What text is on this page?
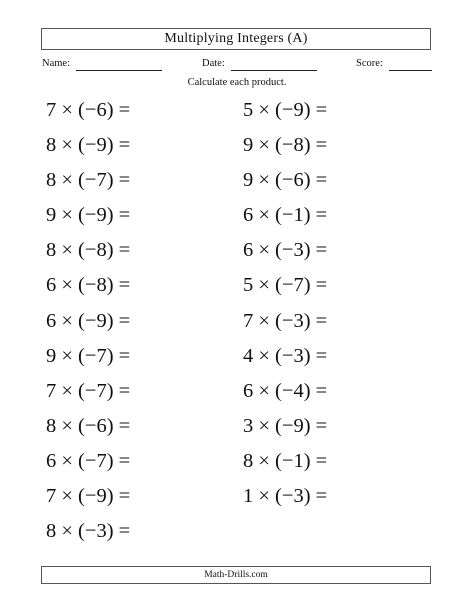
Multiplying Integers (A)
Name:	Date:	Score:
Calculate each product.
7 × (−6) =
8 × (−9) =
8 × (−7) =
9 × (−9) =
8 × (−8) =
6 × (−8) =
6 × (−9) =
9 × (−7) =
7 × (−7) =
8 × (−6) =
6 × (−7) =
7 × (−9) =
8 × (−3) =
5 × (−9) =
9 × (−8) =
9 × (−6) =
6 × (−1) =
6 × (−3) =
5 × (−7) =
7 × (−3) =
4 × (−3) =
6 × (−4) =
3 × (−9) =
8 × (−1) =
1 × (−3) =
Math-Drills.com
